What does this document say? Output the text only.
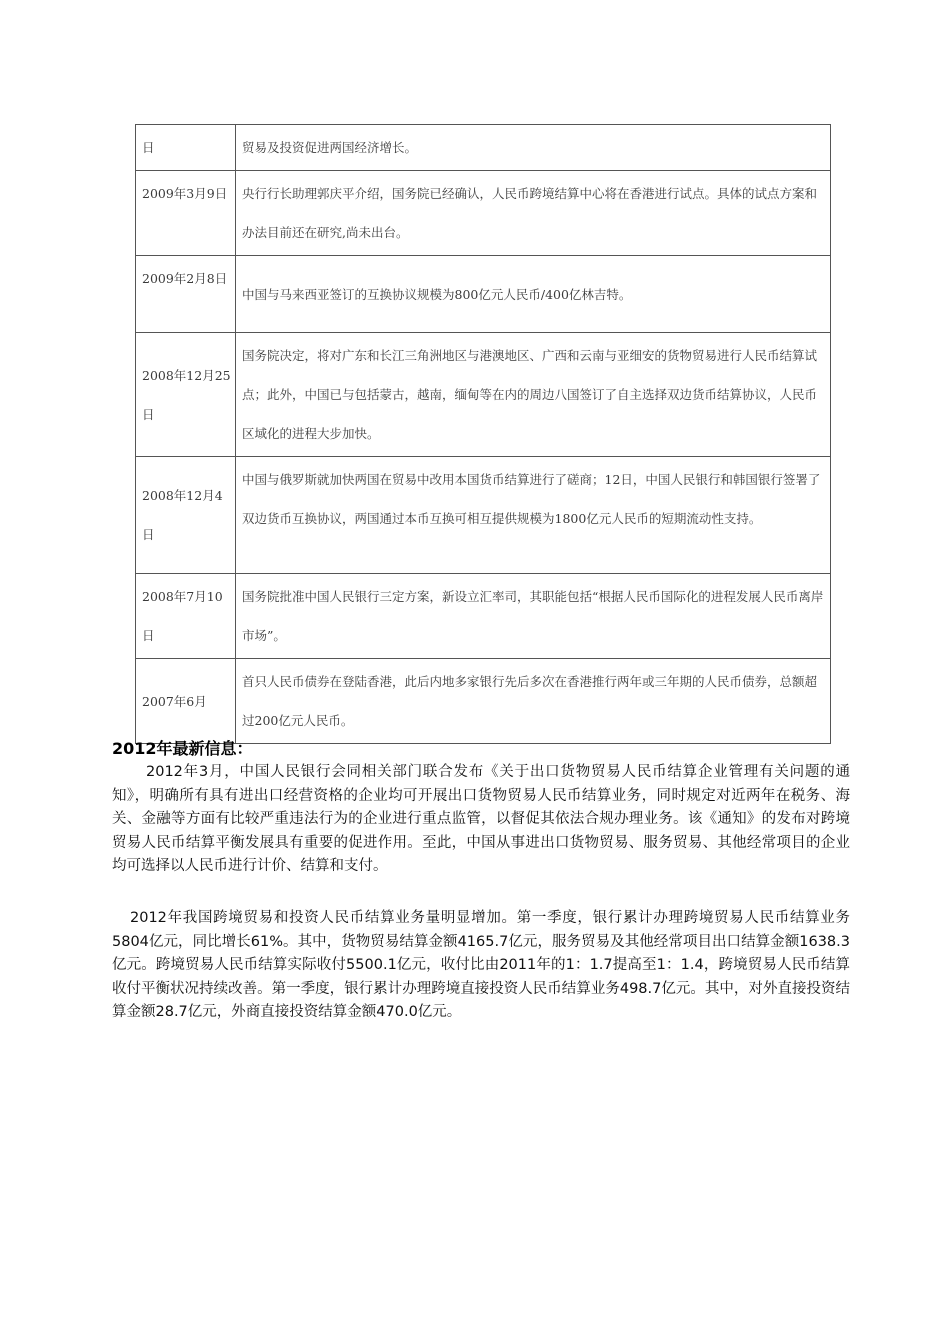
日	贸易及投资促进两国经济增长。
2009年3月9日	央行行长助理郭庆平介绍，国务院已经确认，人民币跨境结算中心将在香港进行试点。具体的试点方案和办法目前还在研究,尚未出台。
2009年2月8日	中国与马来西亚签订的互换协议规模为800亿元人民币/400亿林吉特。
2008年12月25日	国务院决定，将对广东和长江三角洲地区与港澳地区、广西和云南与亚细安的货物贸易进行人民币结算试点；此外，中国已与包括蒙古，越南，缅甸等在内的周边八国签订了自主选择双边货币结算协议，人民币区域化的进程大步加快。
2008年12月4日	中国与俄罗斯就加快两国在贸易中改用本国货币结算进行了磋商；12日，中国人民银行和韩国银行签署了双边货币互换协议，两国通过本币互换可相互提供规模为1800亿元人民币的短期流动性支持。
2008年7月10日	国务院批准中国人民银行三定方案，新设立汇率司，其职能包括“根据人民币国际化的进程发展人民币离岸市场”。
2007年6月	首只人民币债券在登陆香港，此后内地多家银行先后多次在香港推行两年或三年期的人民币债券，总额超过200亿元人民币。
2012年最新信息：

2012年3月，中国人民银行会同相关部门联合发布《关于出口货物贸易人民币结算企业管理有关问题的通知》，明确所有具有进出口经营资格的企业均可开展出口货物贸易人民币结算业务，同时规定对近两年在税务、海关、金融等方面有比较严重违法行为的企业进行重点监管，以督促其依法合规办理业务。该《通知》的发布对跨境贸易人民币结算平衡发展具有重要的促进作用。至此，中国从事进出口货物贸易、服务贸易、其他经常项目的企业均可选择以人民币进行计价、结算和支付。

2012年我国跨境贸易和投资人民币结算业务量明显增加。第一季度，银行累计办理跨境贸易人民币结算业务5804亿元，同比增长61%。其中，货物贸易结算金额4165.7亿元，服务贸易及其他经常项目出口结算金额1638.3亿元。跨境贸易人民币结算实际收付5500.1亿元，收付比由2011年的1：1.7提高至1：1.4，跨境贸易人民币结算收付平衡状况持续改善。第一季度，银行累计办理跨境直接投资人民币结算业务498.7亿元。其中，对外直接投资结算金额28.7亿元，外商直接投资结算金额470.0亿元。
